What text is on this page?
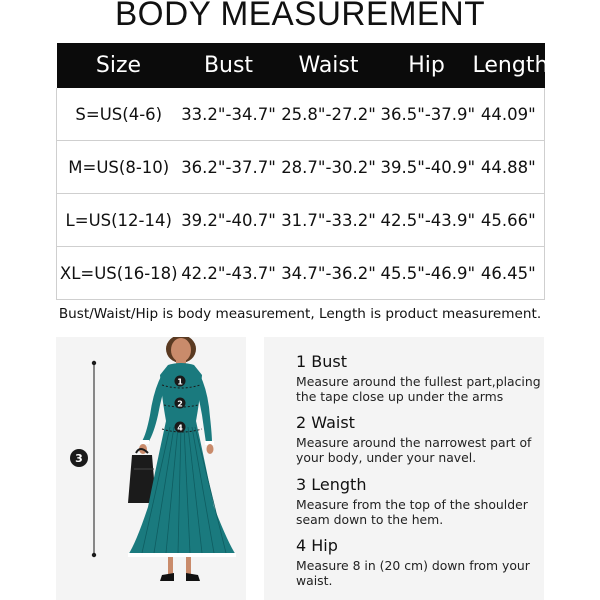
BODY MEASUREMENT
Size	Bust	Waist	Hip	Length
S=US(4-6)	33.2"-34.7"	25.8"-27.2"	36.5"-37.9"	44.09"
M=US(8-10)	36.2"-37.7"	28.7"-30.2"	39.5"-40.9"	44.88"
L=US(12-14)	39.2"-40.7"	31.7"-33.2"	42.5"-43.9"	45.66"
XL=US(16-18)	42.2"-43.7"	34.7"-36.2"	45.5"-46.9"	46.45"
Bust/Waist/Hip is body measurement, Length is product measurement.
3
1
2
4
1 Bust
Measure around the fullest part,placing
the tape close up under the arms
2 Waist
Measure around the narrowest part of
your body, under your navel.
3 Length
Measure from the top of the shoulder
seam down to the hem.
4 Hip
Measure 8 in (20 cm) down from your
waist.
